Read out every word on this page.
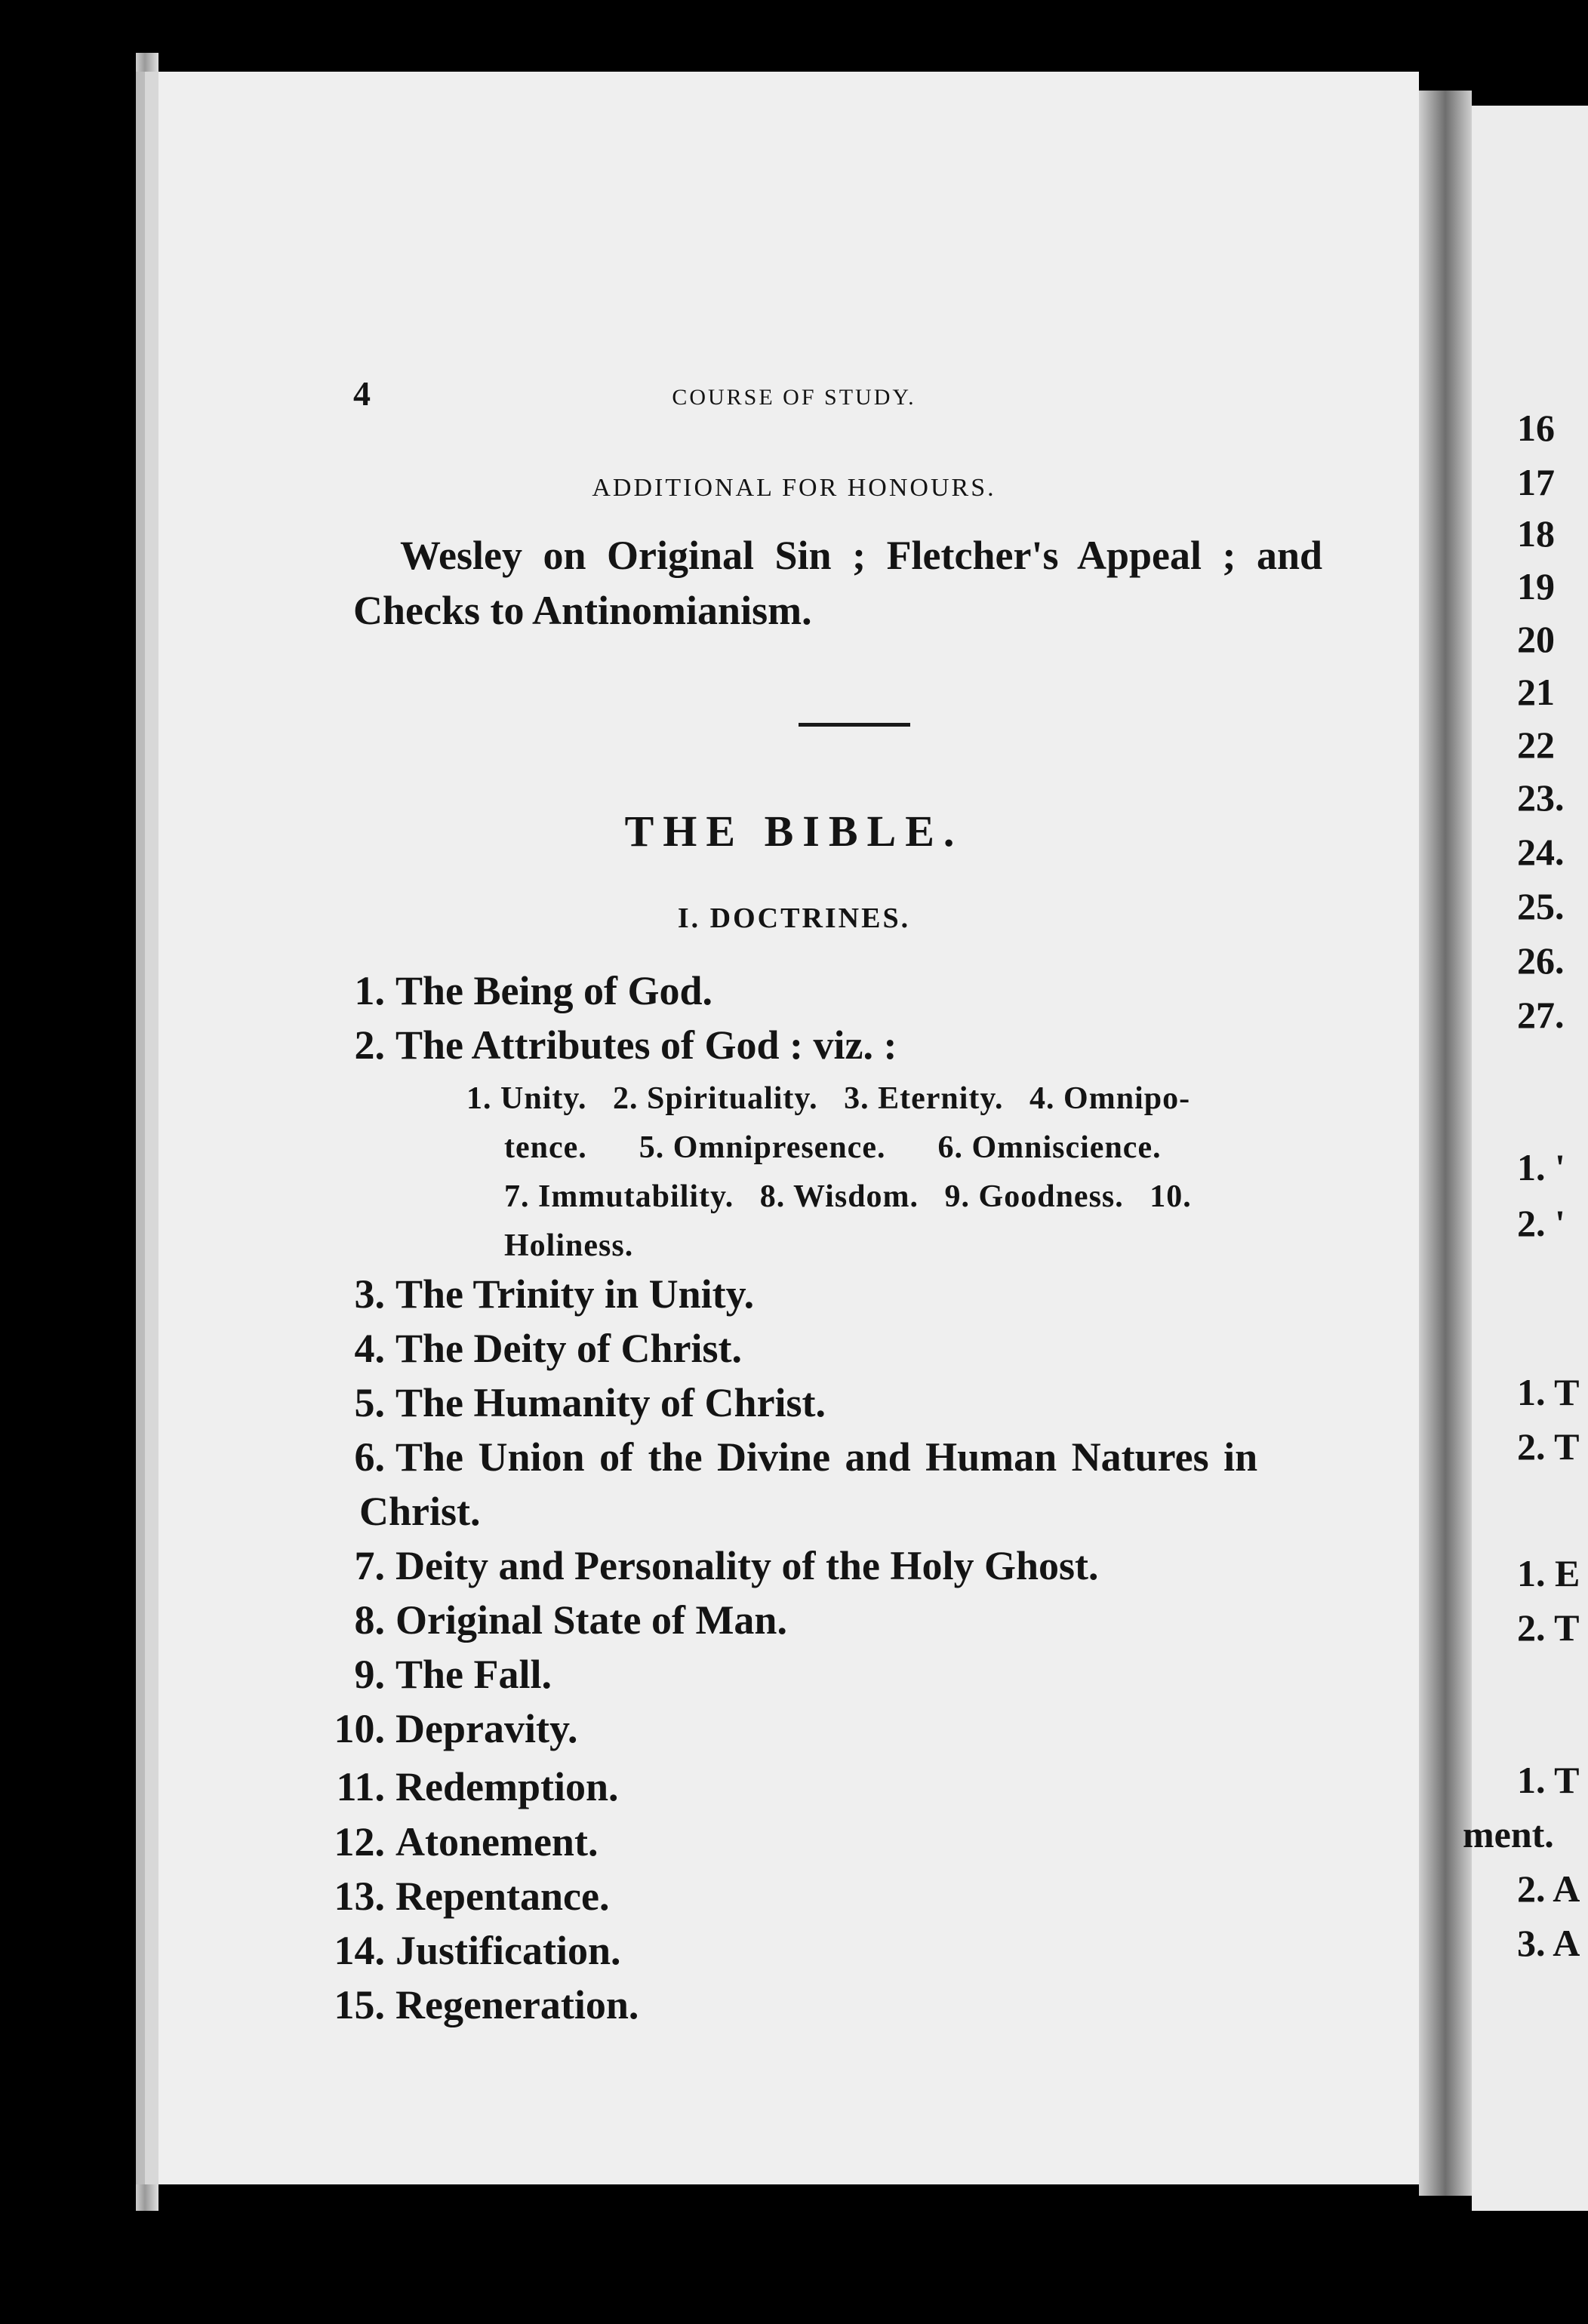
4	COURSE OF STUDY.
ADDITIONAL FOR HONOURS.
Wesley on Original Sin ; Fletcher's Appeal ; and
Checks to Antinomianism.
THE BIBLE.
I. DOCTRINES.
1. The Being of God.
2. The Attributes of God : viz. :
1. Unity.   2. Spirituality.   3. Eternity.   4. Omnipo-
tence.      5. Omnipresence.      6. Omniscience.
7. Immutability.   8. Wisdom.   9. Goodness.   10.
Holiness.
3. The Trinity in Unity.
4. The Deity of Christ.
5. The Humanity of Christ.
6. The Union of the Divine and Human Natures in
Christ.
7. Deity and Personality of the Holy Ghost.
8. Original State of Man.
9. The Fall.
10. Depravity.
11. Redemption.
12. Atonement.
13. Repentance.
14. Justification.
15. Regeneration.
16
17
18
19
20
21
22
23.
24.
25.
26.
27.
1. '
2. '
1. T
2. T
1. E
2. T
1. T
ment.
2. A
3. A
